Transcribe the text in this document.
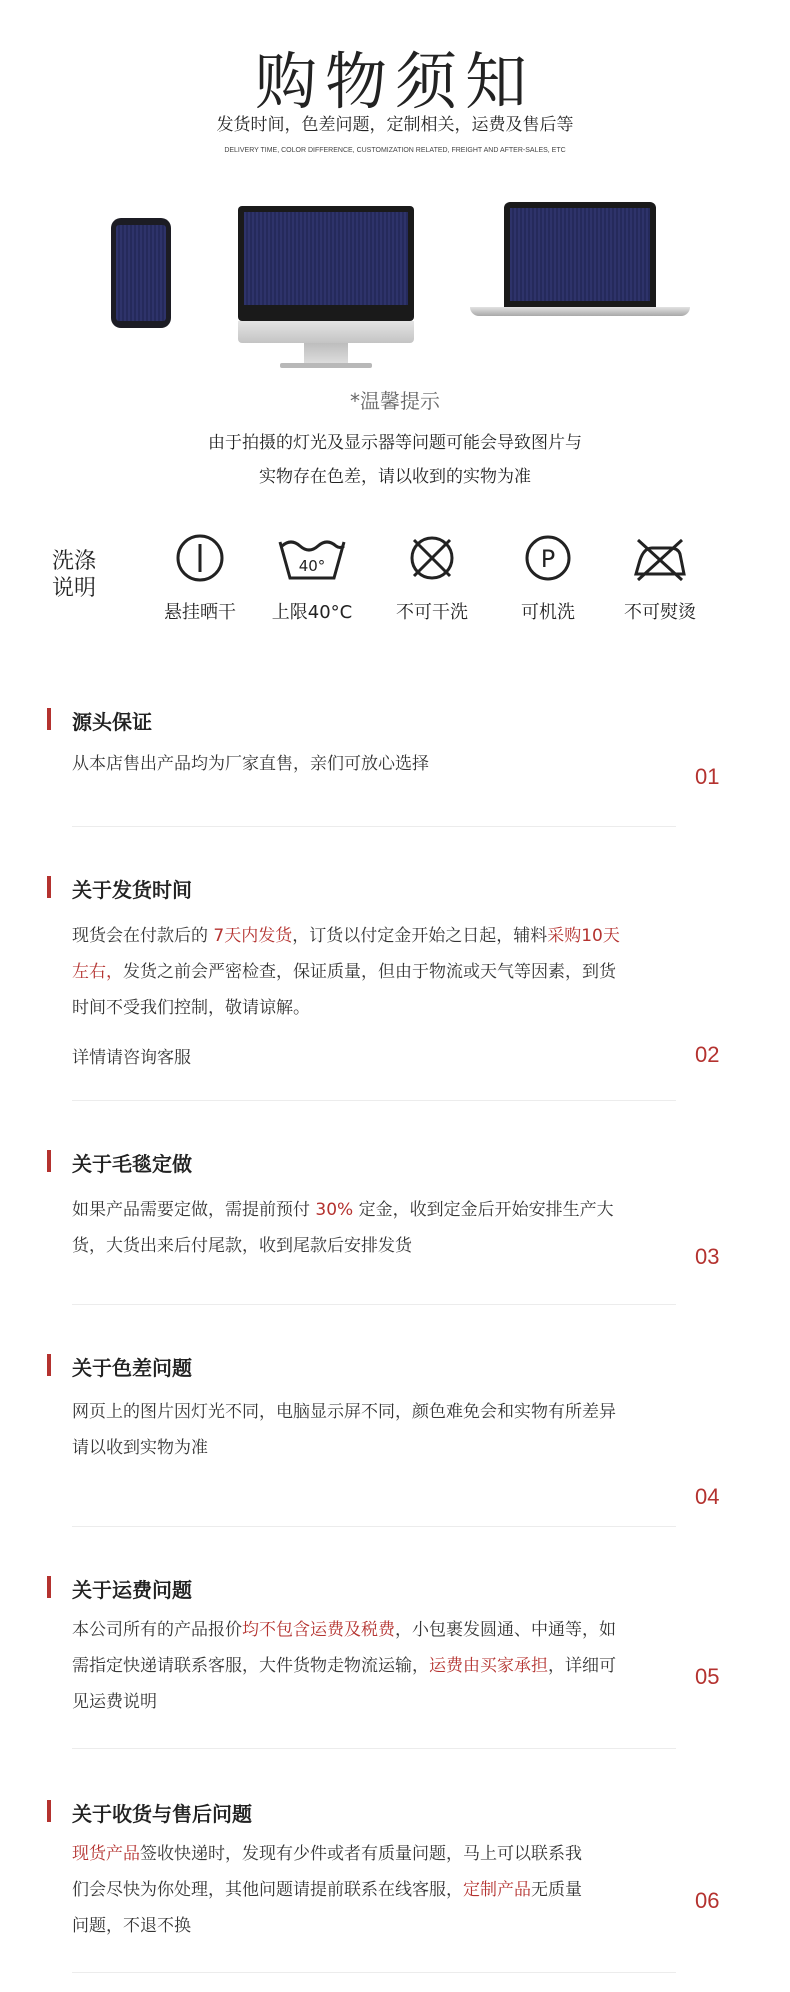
购物须知
发货时间，色差问题，定制相关，运费及售后等
DELIVERY TIME, COLOR DIFFERENCE, CUSTOMIZATION RELATED, FREIGHT AND AFTER-SALES, ETC
*温馨提示
由于拍摄的灯光及显示器等问题可能会导致图片与
实物存在色差，请以收到的实物为准
洗涤
说明
悬挂晒干
40°
上限40°C	不可干洗
P
可机洗	不可熨烫
源头保证
从本店售出产品均为厂家直售，亲们可放心选择	01
关于发货时间
现货会在付款后的 7天内发货，订货以付定金开始之日起，辅料采购10天
左右，发货之前会严密检查，保证质量，但由于物流或天气等因素，到货
时间不受我们控制，敬请谅解。
详情请咨询客服	02
关于毛毯定做
如果产品需要定做，需提前预付 30% 定金，收到定金后开始安排生产大
货，大货出来后付尾款，收到尾款后安排发货	03
关于色差问题
网页上的图片因灯光不同，电脑显示屏不同，颜色难免会和实物有所差异
请以收到实物为准
04
关于运费问题
本公司所有的产品报价均不包含运费及税费，小包裹发圆通、中通等，如
需指定快递请联系客服，大件货物走物流运输，运费由买家承担，详细可
见运费说明
05
关于收货与售后问题
现货产品签收快递时，发现有少件或者有质量问题，马上可以联系我
们会尽快为你处理，其他问题请提前联系在线客服，定制产品无质量
问题，不退不换
06
